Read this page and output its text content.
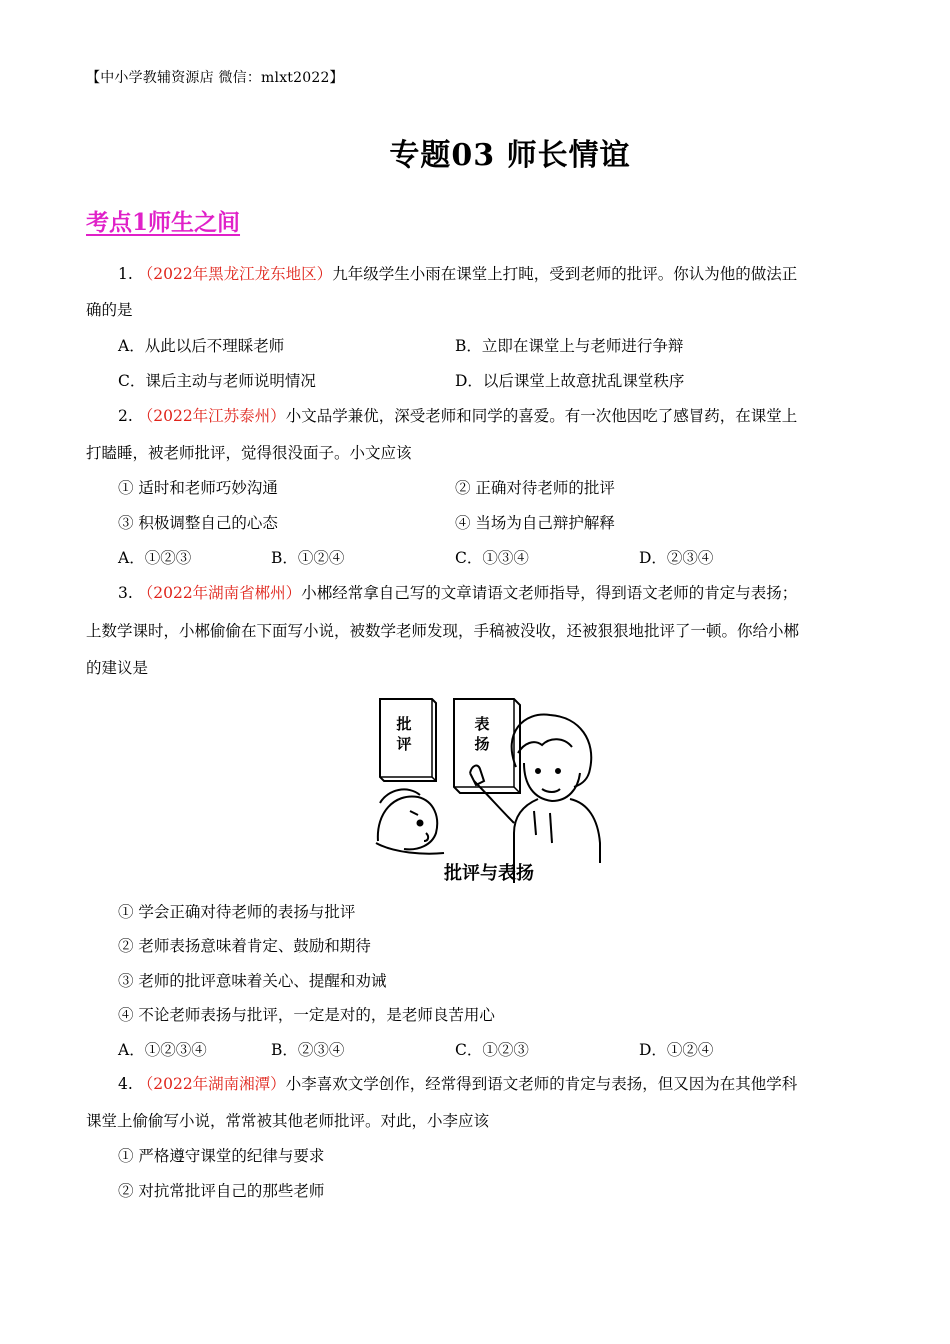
【中小学教辅资源店 微信：mlxt2022】
专题03 师长情谊
考点1师生之间
1. （2022年黑龙江龙东地区）九年级学生小雨在课堂上打盹，受到老师的批评。你认为他的做法正
确的是
A．从此以后不理睬老师	B．立即在课堂上与老师进行争辩
C．课后主动与老师说明情况	D．以后课堂上故意扰乱课堂秩序
2. （2022年江苏泰州）小文品学兼优，深受老师和同学的喜爱。有一次他因吃了感冒药，在课堂上
打瞌睡，被老师批评，觉得很没面子。小文应该
① 适时和老师巧妙沟通	② 正确对待老师的批评
③ 积极调整自己的心态	④ 当场为自己辩护解释
A．①②③	B．①②④	C．①③④	D．②③④
3. （2022年湖南省郴州）小郴经常拿自己写的文章请语文老师指导，得到语文老师的肯定与表扬；
上数学课时，小郴偷偷在下面写小说，被数学老师发现，手稿被没收，还被狠狠地批评了一顿。你给小郴
的建议是
批
评
表
扬
批评与表扬
① 学会正确对待老师的表扬与批评
② 老师表扬意味着肯定、鼓励和期待
③ 老师的批评意味着关心、提醒和劝诫
④ 不论老师表扬与批评，一定是对的，是老师良苦用心
A．①②③④	B．②③④	C．①②③	D．①②④
4. （2022年湖南湘潭）小李喜欢文学创作，经常得到语文老师的肯定与表扬，但又因为在其他学科
课堂上偷偷写小说，常常被其他老师批评。对此，小李应该
① 严格遵守课堂的纪律与要求
② 对抗常批评自己的那些老师
